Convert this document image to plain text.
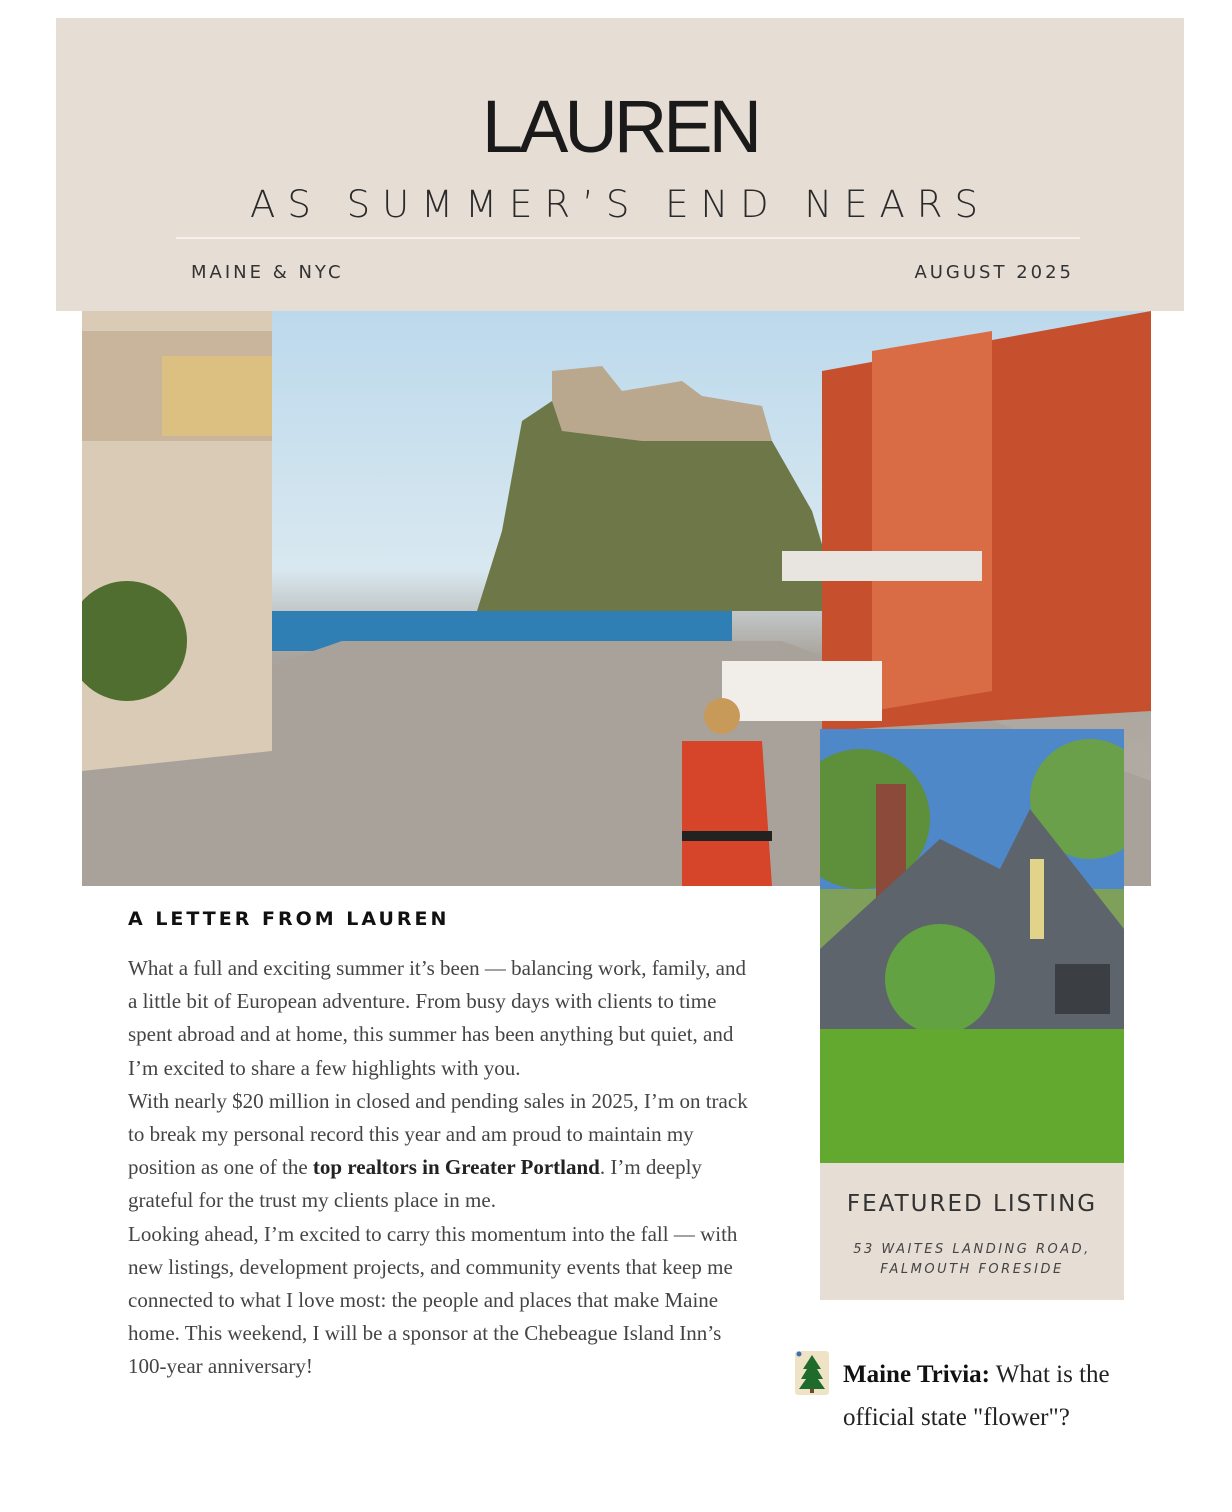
LAUREN
AS SUMMER’S END NEARS
MAINE & NYC	AUGUST 2025
FEATURED LISTING
53 WAITES LANDING ROAD, FALMOUTH FORESIDE
A LETTER FROM LAUREN

What a full and exciting summer it’s been — balancing work, family, and a little bit of European adventure. From busy days with clients to time spent abroad and at home, this summer has been anything but quiet, and I’m excited to share a few highlights with you.

With nearly $20 million in closed and pending sales in 2025, I’m on track to break my personal record this year and am proud to maintain my position as one of the top realtors in Greater Portland. I’m deeply grateful for the trust my clients place in me.

Looking ahead, I’m excited to carry this momentum into the fall — with new listings, development projects, and community events that keep me connected to what I love most: the people and places that make Maine home. This weekend, I will be a sponsor at the Chebeague Island Inn’s 100-year anniversary!	Maine Trivia: What is the official state "flower"?
